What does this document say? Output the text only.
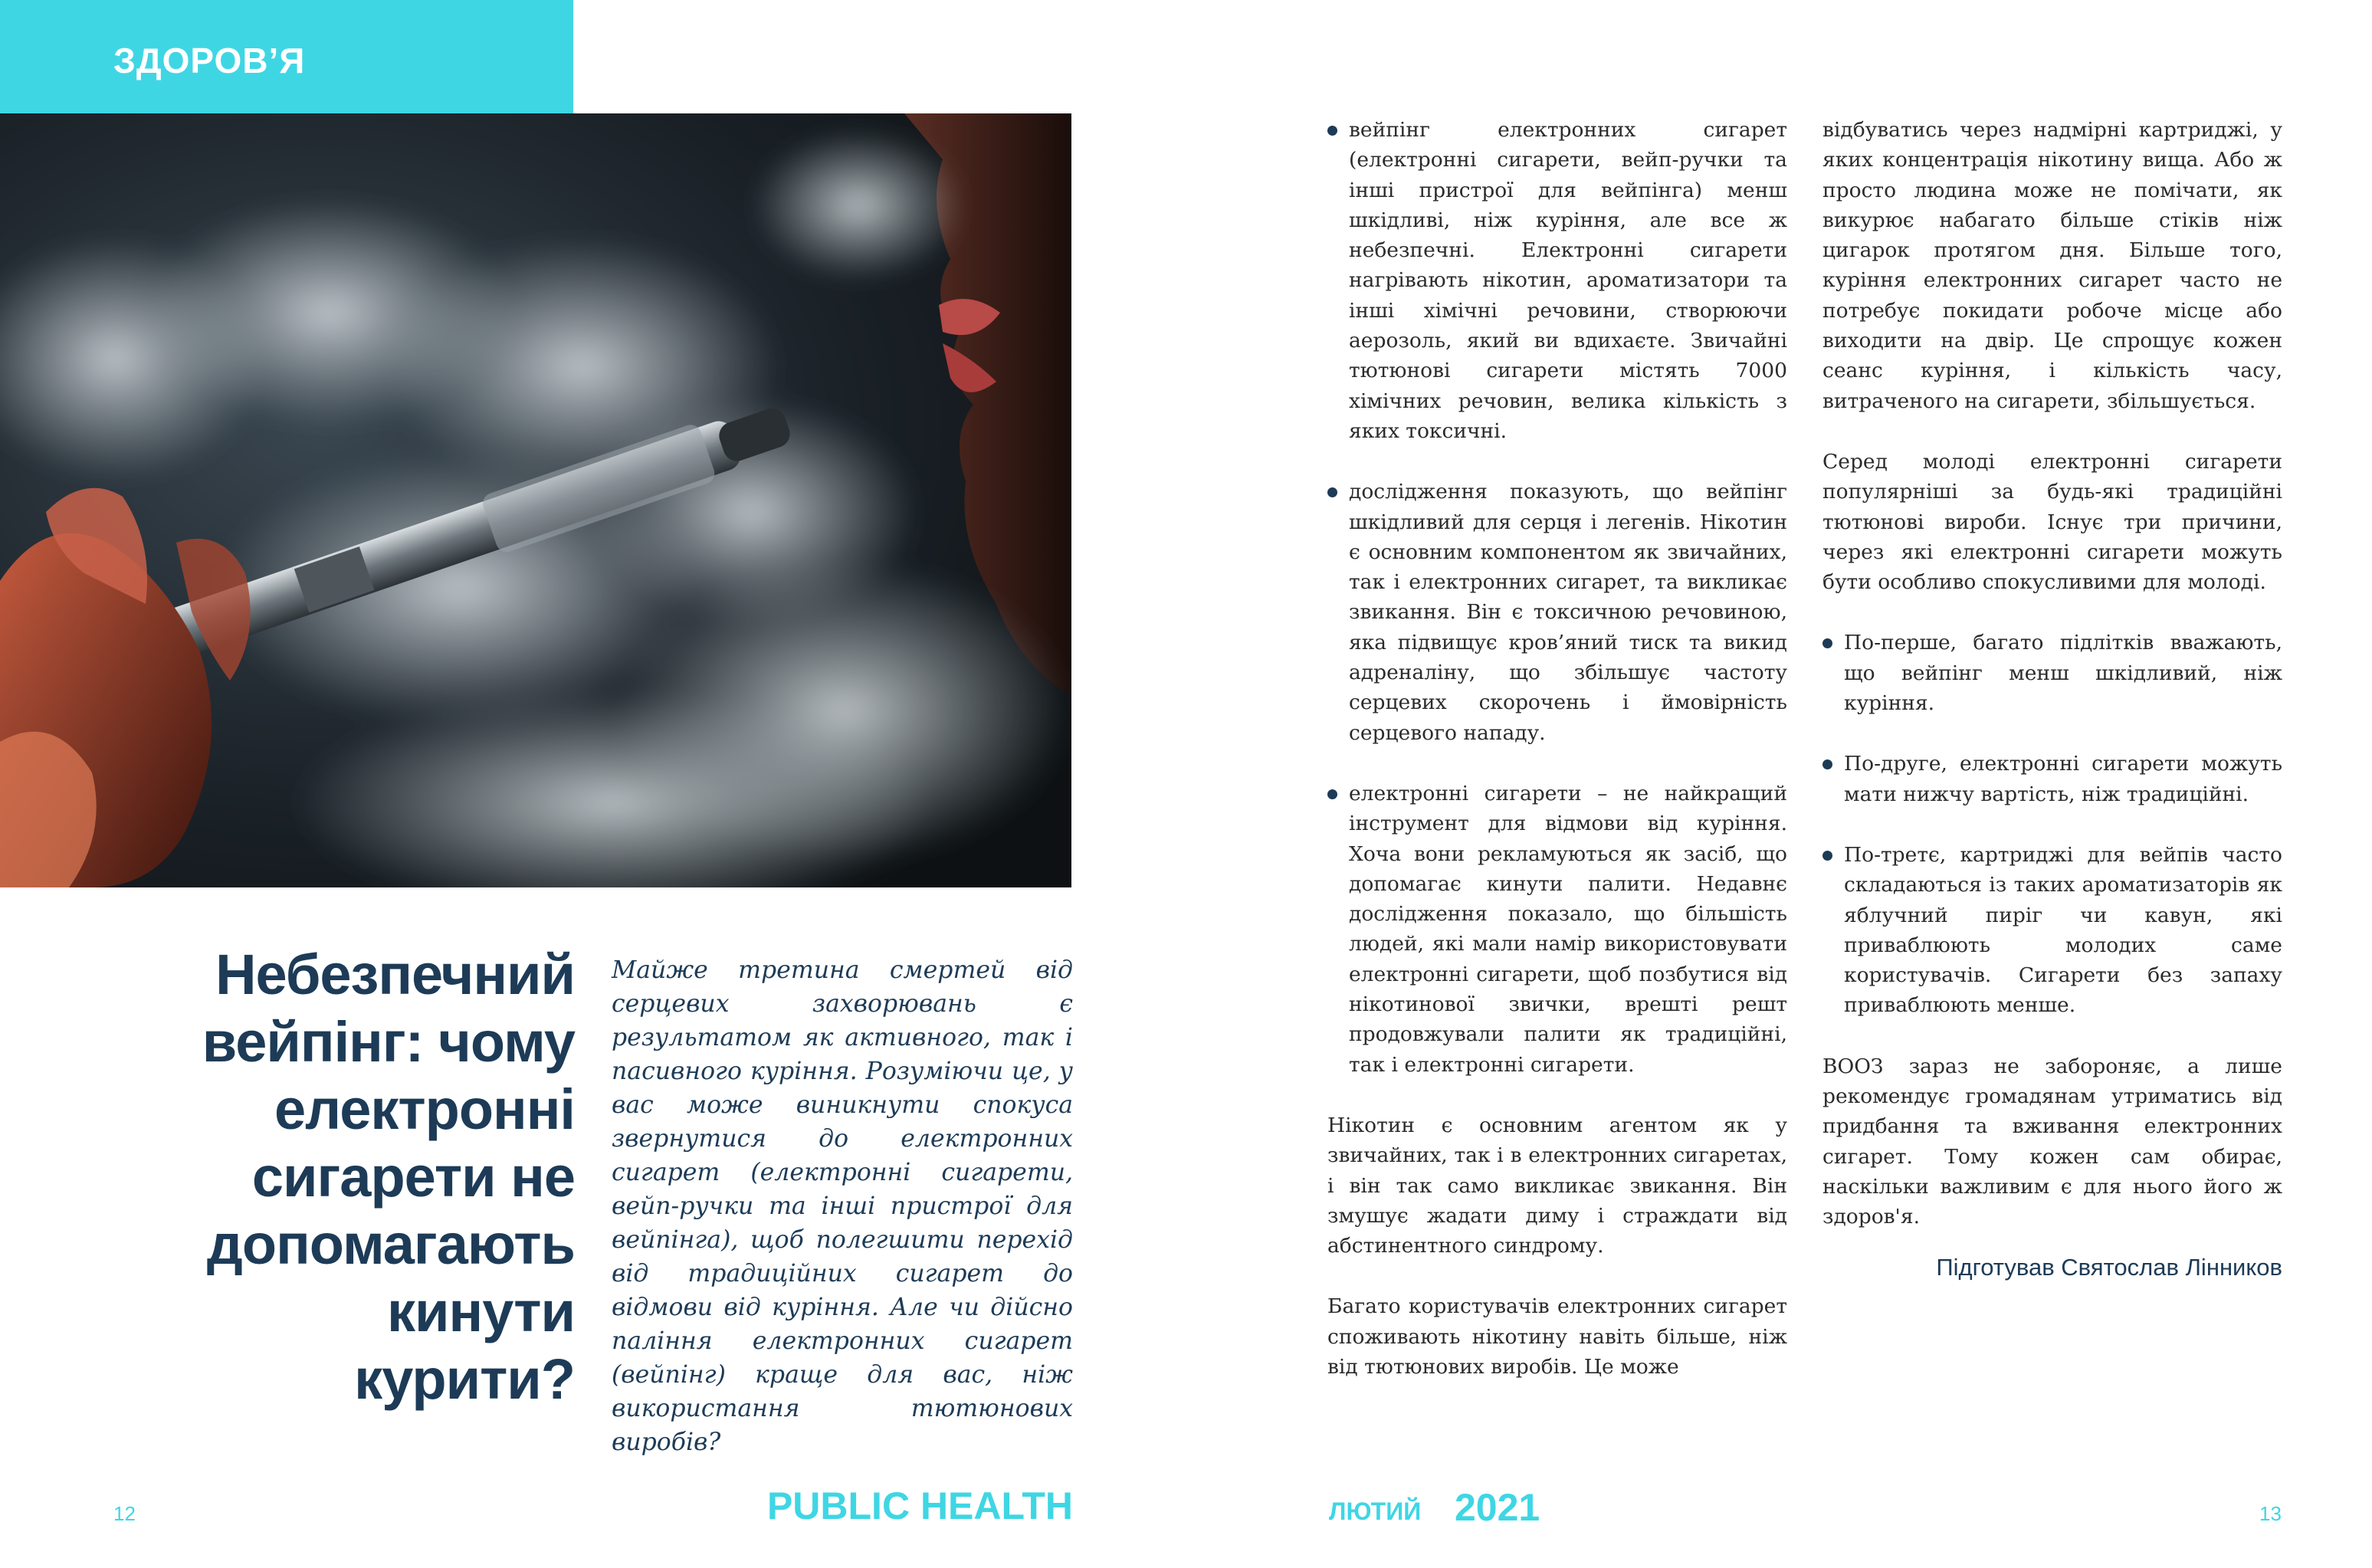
ЗДОРОВ’Я
Небезпечний вейпінг: чому електронні сигарети не допомагають кинути курити?
Майже третина смертей від серцевих захворювань є результатом як активного, так і пасивного куріння. Розуміючи це, у вас може виникнути спокуса звернутися до електронних сигарет (електронні сигарети, вейп-ручки та інші пристрої для вейпінга), щоб полегшити перехід від традиційних сигарет до відмови від куріння. Але чи дійсно паління електронних сигарет (вейпінг) краще для вас, ніж використання тютюнових виробів?

вейпінг електронних сигарет (електронні сигарети, вейп-ручки та інші пристрої для вейпінга) менш шкідливі, ніж куріння, але все ж небезпечні. Електронні сигарети нагрівають нікотин, ароматизатори та інші хімічні речовини, створюючи аерозоль, який ви вдихаєте. Звичайні тютюнові сигарети містять 7000 хімічних речовин, велика кількість з яких токсичні.

дослідження показують, що вейпінг шкідливий для серця і легенів. Нікотин є основним компонентом як звичайних, так і електронних сигарет, та викликає звикання. Він є токсичною речовиною, яка підвищує кров’яний тиск та викид адреналіну, що збільшує частоту серцевих скорочень і ймовірність серцевого нападу.

електронні сигарети – не найкращий інструмент для відмови від куріння. Хоча вони рекламуються як засіб, що допомагає кинути палити. Недавнє дослідження показало, що більшість людей, які мали намір використовувати електронні сигарети, щоб позбутися від нікотинової звички, врешті решт продовжували палити як традиційні, так і електронні сигарети.

Нікотин є основним агентом як у звичайних, так і в електронних сигаретах, і він так само викликає звикання. Він змушує жадати диму і страждати від абстинентного синдрому.

Багато користувачів електронних сигарет споживають нікотину навіть більше, ніж від тютюнових виробів. Це може

відбуватись через надмірні картриджі, у яких концентрація нікотину вища. Або ж просто людина може не помічати, як викурює набагато більше стіків ніж цигарок протягом дня. Більше того, куріння електронних сигарет часто не потребує покидати робоче місце або виходити на двір. Це спрощує кожен сеанс куріння, і кількість часу, витраченого на сигарети, збільшується.

Серед молоді електронні сигарети популярніші за будь-які традиційні тютюнові вироби. Існує три причини, через які електронні сигарети можуть бути особливо спокусливими для молоді.

По-перше, багато підлітків вважають, що вейпінг менш шкідливий, ніж куріння.

По-друге, електронні сигарети можуть мати нижчу вартість, ніж традиційні.

По-третє, картриджі для вейпів часто складаються із таких ароматизаторів як яблучний пиріг чи кавун, які приваблюють молодих саме користувачів. Сигарети без запаху приваблюють менше.

ВООЗ зараз не забороняє, а лише рекомендує громадянам утриматись від придбання та вживання електронних сигарет. Тому кожен сам обирає, наскільки важливим є для нього його ж здоров'я.

Підготував Святослав Лінников
12	PUBLIC HEALTH	ЛЮТИЙ 2021	13
